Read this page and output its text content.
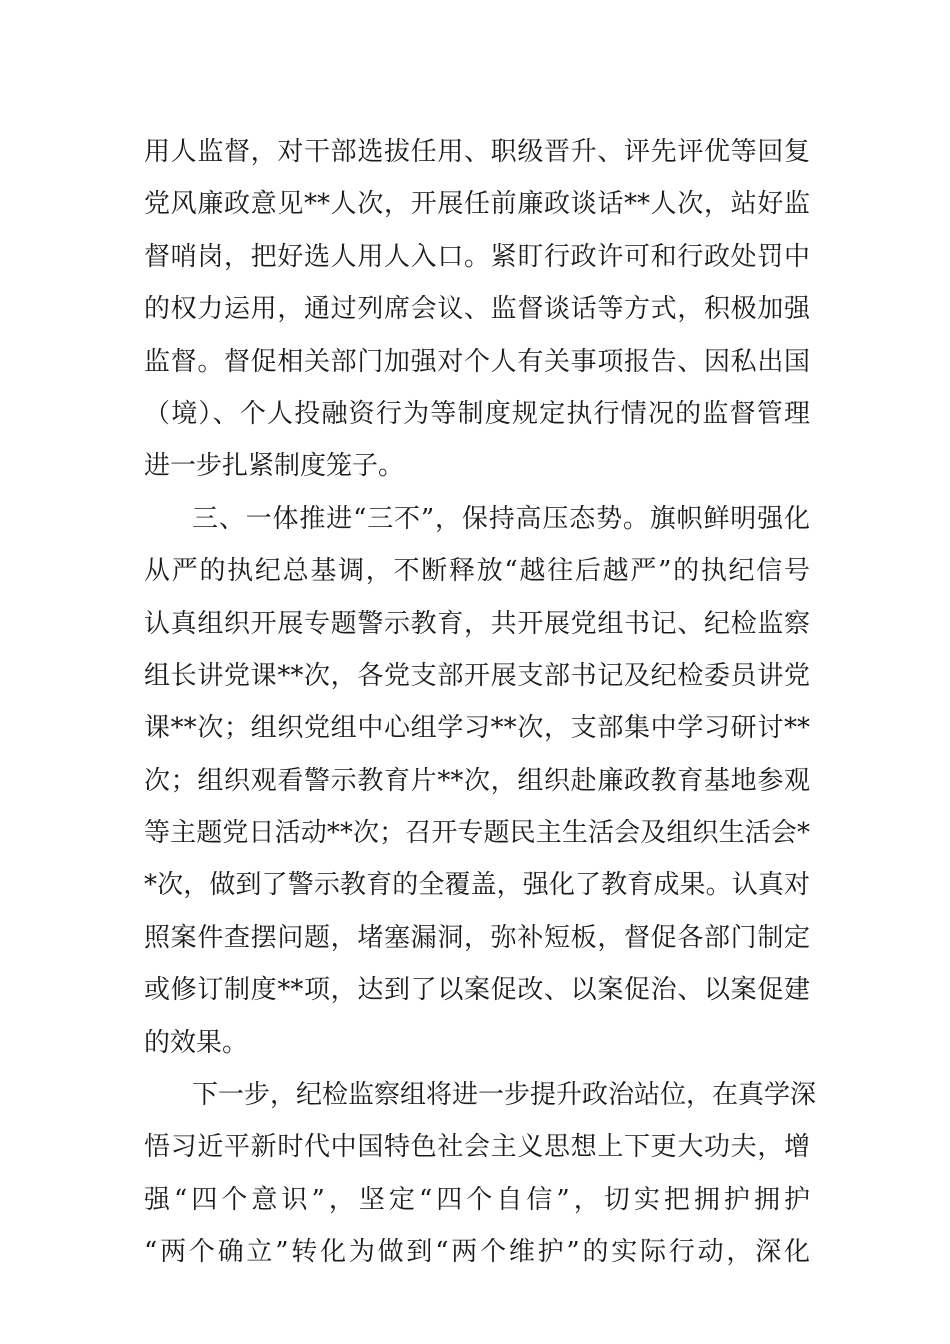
用人监督，对干部选拔任用、职级晋升、评先评优等回复
党风廉政意见**人次，开展任前廉政谈话**人次，站好监
督哨岗，把好选人用人入口。紧盯行政许可和行政处罚中
的权力运用，通过列席会议、监督谈话等方式，积极加强
监督。督促相关部门加强对个人有关事项报告、因私出国
（境）、个人投融资行为等制度规定执行情况的监督管理
进一步扎紧制度笼子。
三、一体推进“三不”，保持高压态势。旗帜鲜明强化
从严的执纪总基调，不断释放“越往后越严”的执纪信号
认真组织开展专题警示教育，共开展党组书记、纪检监察
组长讲党课**次，各党支部开展支部书记及纪检委员讲党
课**次；组织党组中心组学习**次，支部集中学习研讨**
次；组织观看警示教育片**次，组织赴廉政教育基地参观
等主题党日活动**次；召开专题民主生活会及组织生活会*
*次，做到了警示教育的全覆盖，强化了教育成果。认真对
照案件查摆问题，堵塞漏洞，弥补短板，督促各部门制定
或修订制度**项，达到了以案促改、以案促治、以案促建
的效果。
下一步，纪检监察组将进一步提升政治站位，在真学深
悟习近平新时代中国特色社会主义思想上下更大功夫，增
强“四个意识”，坚定“四个自信”，切实把拥护拥护
“两个确立”转化为做到“两个维护”的实际行动，深化
